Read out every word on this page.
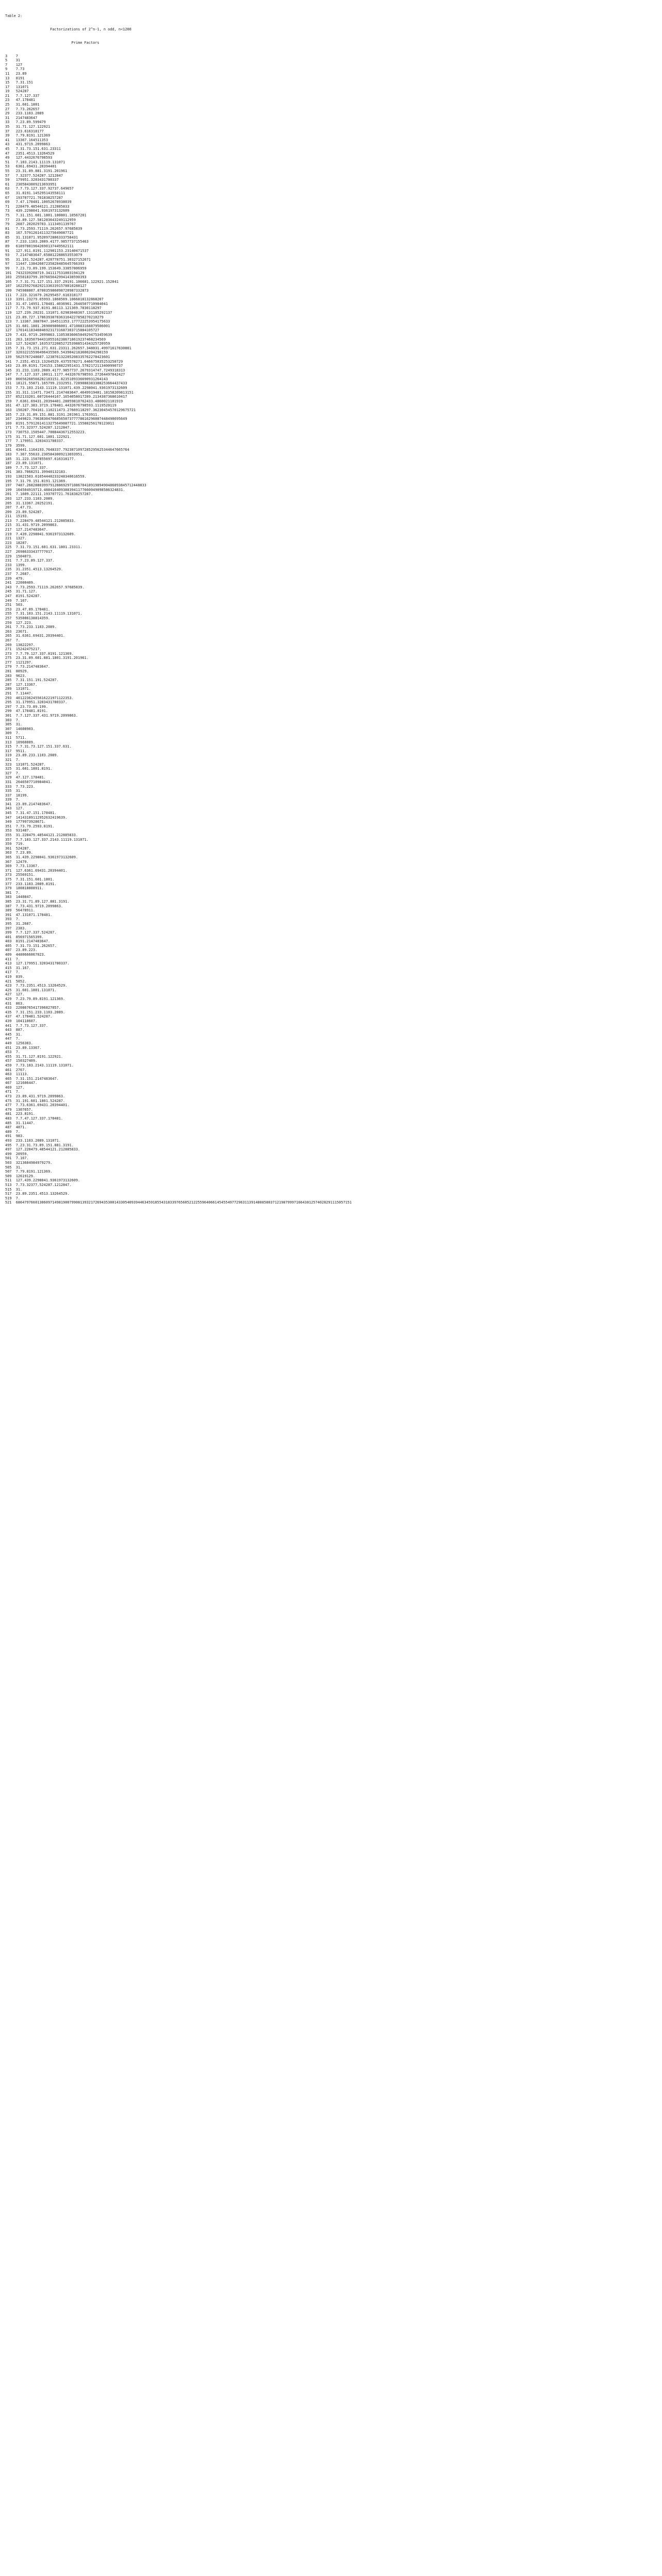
Table 2:

Factorizations of 2^n-1, n odd, n<1200

Prime Factors

3    7
5    31
7    127
9    7.73
11   23.89
13   8191
15   7.31.151
17   131071
19   524287
21   7.7.127.337
23   47.178481
25   31.601.1801
27   7.73.262657
29   233.1103.2089
31   2147483647
33   7.23.89.599479
35   31.71.127.122921
37   223.616318177
39   7.79.8191.121369
41   13367.164511353
43   431.9719.2099863
45   7.31.73.151.631.23311
47   2351.4513.13264529
49   127.4432676798593
51   7.103.2143.11119.131071
53   6361.69431.20394401
55   23.31.89.881.3191.201961
57   7.32377.524287.1212847
59   179951.3203431780337
61   2305843009213693951
63   7.7.73.127.337.92737.649657
65   31.8191.145295143558111
67   193707721.761838257287
69   7.47.178481.10052678938039
71   228479.48544121.212885833
73   439.2298041.9361973132609
75   7.31.151.601.1801.100801.10567201
77   23.89.127.581283643249112959
79   2687.202029703.1113491139767
81   7.73.2593.71119.262657.97685839
83   167.57912614113275649087721
85   31.131071.9520972806333758431
87   7.233.1103.2089.4177.9857737155463
89   618970019642690137449562111
91   127.911.8191.112901153.23140471537
93   7.2147483647.658812288653553079
95   31.191.524287.420778751.30327152671
97   11447.13842607235828485645766393
99   7.23.73.89.199.153649.33057806959
101  7432339208719.341117531003194129
103  2550183799.3976656429941438590393
105  7.7.31.71.127.151.337.29191.106681.122921.152041
107  162259276829213363391578010288127
109  745988807.870035986098720987332873
111  7.223.321679.26295457.616318177
113  3391.23279.65993.1868569.1066818132868207
115  31.47.14951.178481.4036961.2646507710984041
117  7.73.79.937.8191.86113.121369.7830118297
119  127.239.20231.131071.62983048367.131105292137
121  23.89.727.1786393878363164227858270210279
123  7.13367.3887047.164511353.177722253954175633
125  31.601.1801.269089806001.4710883168879506001
127  170141183460469231731687303715884105727
129  7.431.9719.2099863.11053036065049294753459639
131  263.10350794431055162386718619237468234569
133  127.524287.163537220852725398851434325720959
135  7.31.73.151.271.631.23311.262657.348031.49971617830801
137  32032215596496435569.5439042183600204290159
139  5625767248687.123876132205208335762278423601
141  7.2351.4513.13264529.4375578271.646675035253258729
143  23.89.8191.724153.158822951431.5782172113400990737
145  31.233.1103.2089.4177.9857737.2679314747.7249318313
147  7.7.127.337.10011.1177.4432676798593.27264497842427
149  86656268566282183151.8235109336690931264143
151  18121.55871.165799.2332951.7289088383388253664437433
153  7.73.103.2143.11119.131071.439.2298041.9361973132609
155  31.311.11471.73471.2147483647.4649919401.18158209813151
157  852133201.60726444167.1654058017289.2134387368610417
159  7.6361.69431.20394401.28059810762433.4860021101919
161  47.127.383.3719.178481.4432676798593.1119520119
163  150287.704161.110211473.27669118297.36230454570129675721
165  7.23.31.89.151.881.3191.201961.1763911.
167  2349023.79638304766856507377778616296087448490695649
169  8191.57912614113275649087721.15588256178123011
171  7.73.32377.524287.1212847.
173  730753.1505447.70084436712553223.
175  31.71.127.601.1801.122921.
177  7.179951.3203431780337.
179  3599.
181  43441.1164193.7648337.7923871097285295625344647665764
183  7.367.55633.2305843009213693951.
185  31.223.1587855697.616318177.
187  23.89.131071.
189  7.7.73.127.337.
191  383.7068251.39940132183.
193  13821503.61654440233248340616559.
195  7.31.79.151.8191.121369.
197  7487.26828803997912886929710867041891989490486893845712448833
199  164504919713.4884164093883941177660049098586324831.
201  7.1609.22111.193707721.761838257287.
203  127.233.1103.2089.
205  31.13367.20252191.
207  7.47.73.
209  23.89.524287.
211  15193.
213  7.228479.48544121.212885833.
215  31.431.9719.2099863.
217  127.2147483647.
219  7.439.2298041.9361973132609.
221  1327.
223  18287.
225  7.31.73.151.601.631.1801.23311.
227  26986333437777017.
229  1504073.
231  7.7.23.89.127.337.
233  1399.
235  31.2351.4513.13264529.
237  7.2687.
239  479.
241  22000409.
243  7.73.2593.71119.262657.97685839.
245  31.71.127.
247  8191.524287.
249  7.167.
251  503.
253  23.47.89.178481.
255  7.31.103.151.2143.11119.131071.
257  535006138814359.
259  127.223.
261  7.73.233.1103.2089.
263  23671.
265  31.6361.69431.20394401.
267  7.
269  13822297.
271  15242475217.
273  7.7.79.127.337.8191.121369.
275  23.31.89.601.881.1801.3191.201961.
277  1121297.
279  7.73.2147483647.
281  80929.
283  9623.
285  7.31.151.191.524287.
287  127.13367.
289  131071.
291  7.11447.
293  40122362455616221971122353.
295  31.179951.3203431780337.
297  7.23.73.89.199.
299  47.178481.8191.
301  7.7.127.337.431.9719.2099863.
303  7.
305  31.
307  14608903.
309  7.
311  5711.
313  10960009.
315  7.7.31.73.127.151.337.631.
317  9511.
319  23.89.233.1103.2089.
321  7.
323  131071.524287.
325  31.601.1801.8191.
327  7.
329  47.127.178481.
331  2646507710984041.
333  7.73.223.
335  31.
337  18199.
339  7.
341  23.89.2147483647.
343  127.
345  7.31.47.151.178481.
347  14143189112952632419639.
349  1779973928671.
351  7.73.79.2593.8191.
353  931487.
355  31.228479.48544121.212885833.
357  7.7.103.127.337.2143.11119.131071.
359  719.
361  524287.
363  7.23.89.
365  31.439.2298041.9361973132609.
367  12479.
369  7.73.13367.
371  127.6361.69431.20394401.
373  25569151.
375  7.31.151.601.1801.
377  233.1103.2089.8191.
379  180818808911.
381  7.
383  1440847.
385  23.31.71.89.127.881.3191.
387  7.73.431.9719.2099863.
389  56478911.
391  47.131071.178481.
393  7.
395  31.2687.
397  2383.
399  7.7.127.337.524287.
401  856971565399.
403  8191.2147483647.
405  7.31.73.151.262657.
407  23.89.223.
409  4480666067023.
411  7.
413  127.179951.3203431780337.
415  31.167.
417  7.
419  839.
421  5052.
423  7.73.2351.4513.13264529.
425  31.601.1801.131071.
427  127.
429  7.23.79.89.8191.121369.
431  863.
433  22086765417396827057.
435  7.31.151.233.1103.2089.
437  47.178481.524287.
439  104110607.
441  7.7.73.127.337.
443  887.
445  31.
447  7.
449  1256303.
451  23.89.13367.
453  7.
455  31.71.127.8191.122921.
457  150327409.
459  7.73.103.2143.11119.131071.
461  2767.
463  11113.
465  7.31.151.2147483647.
467  121606447.
469  127.
471  7.
473  23.89.431.9719.2099863.
475  31.191.601.1801.524287.
477  7.73.6361.69431.20394401.
479  1307657.
481  223.8191.
483  7.7.47.127.337.178481.
485  31.11447.
487  4871.
489  7.
491  983.
493  233.1103.2089.131071.
495  7.23.31.73.89.151.881.3191.
497  127.228479.48544121.212885833.
499  20959.
501  7.167.
503  3213684984979279.
505  31.
507  7.79.8191.121369.
509  12619129.
511  127.439.2298041.9361973132609.
513  7.73.32377.524287.1212847.
515  31.
517  23.89.2351.4513.13264529.
519  7.
521  6864797660130609714981900799081393217269435300143305409394463459185543183397656052122559640661454554977296311391480858037121987999716643812574028291115057151
